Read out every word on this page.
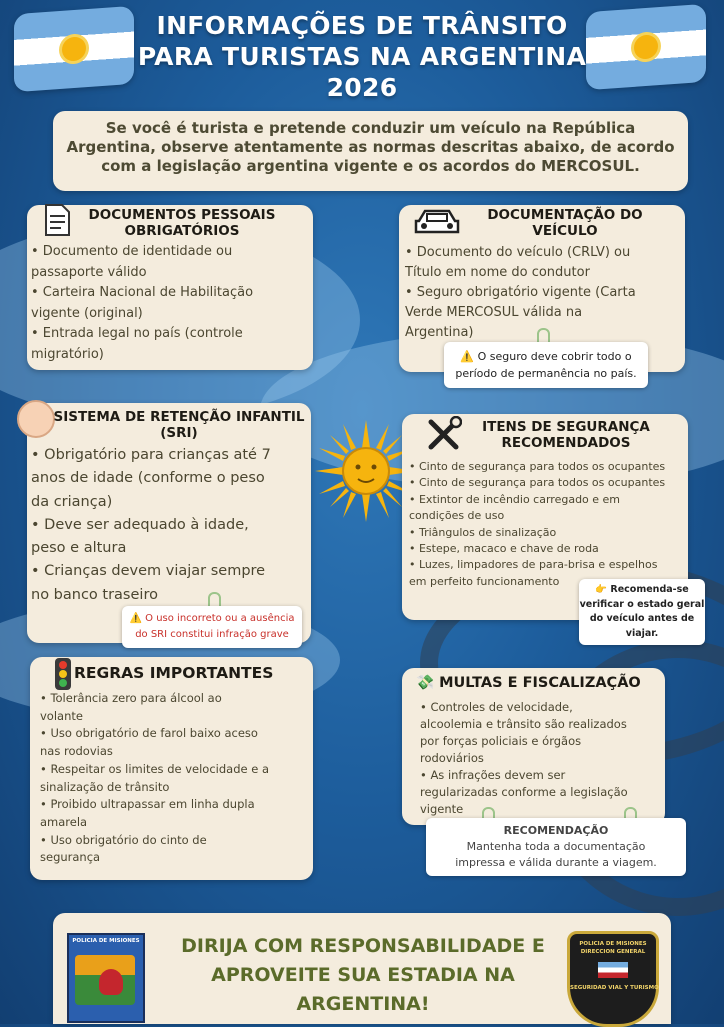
INFORMAÇÕES DE TRÂNSITO
PARA TURISTAS NA ARGENTINA
2026
Se você é turista e pretende conduzir um veículo na República
Argentina, observe atentamente as normas descritas abaixo, de acordo
com a legislação argentina vigente e os acordos do MERCOSUL.
DOCUMENTOS PESSOAIS
OBRIGATÓRIOS
• Documento de identidade ou
passaporte válido
• Carteira Nacional de Habilitação
vigente (original)
• Entrada legal no país (controle
migratório)
DOCUMENTAÇÃO DO
VEÍCULO
• Documento do veículo (CRLV) ou
Título em nome do condutor
• Seguro obrigatório vigente (Carta
Verde MERCOSUL válida na
Argentina)
⚠️ O seguro deve cobrir todo o
período de permanência no país.
SISTEMA DE RETENÇÃO INFANTIL
(SRI)
• Obrigatório para crianças até 7
anos de idade (conforme o peso
da criança)
• Deve ser adequado à idade,
peso e altura
• Crianças devem viajar sempre
no banco traseiro
⚠️ O uso incorreto ou a ausência
do SRI constitui infração grave
ITENS DE SEGURANÇA
RECOMENDADOS
• Cinto de segurança para todos os ocupantes
• Cinto de segurança para todos os ocupantes
• Extintor de incêndio carregado e em
condições de uso
• Triângulos de sinalização
• Estepe, macaco e chave de roda
• Luzes, limpadores de para-brisa e espelhos
em perfeito funcionamento
👉 Recomenda-se
verificar o estado geral
do veículo antes de
viajar.
REGRAS IMPORTANTES
• Tolerância zero para álcool ao
volante
• Uso obrigatório de farol baixo aceso
nas rodovias
• Respeitar os limites de velocidade e a
sinalização de trânsito
• Proibido ultrapassar em linha dupla
amarela
• Uso obrigatório do cinto de
segurança
💸 MULTAS E FISCALIZAÇÃO
• Controles de velocidade,
alcoolemia e trânsito são realizados
por forças policiais e órgãos
rodoviários
• As infrações devem ser
regularizadas conforme a legislação
vigente
RECOMENDAÇÃO
Mantenha toda a documentação
impressa e válida durante a viagem.
POLICIA DE MISIONES	DIRIJA COM RESPONSABILIDADE E
APROVEITE SUA ESTADIA NA
ARGENTINA!
POLICIA DE MISIONES
DIRECCION GENERAL
SEGURIDAD VIAL Y TURISMO
